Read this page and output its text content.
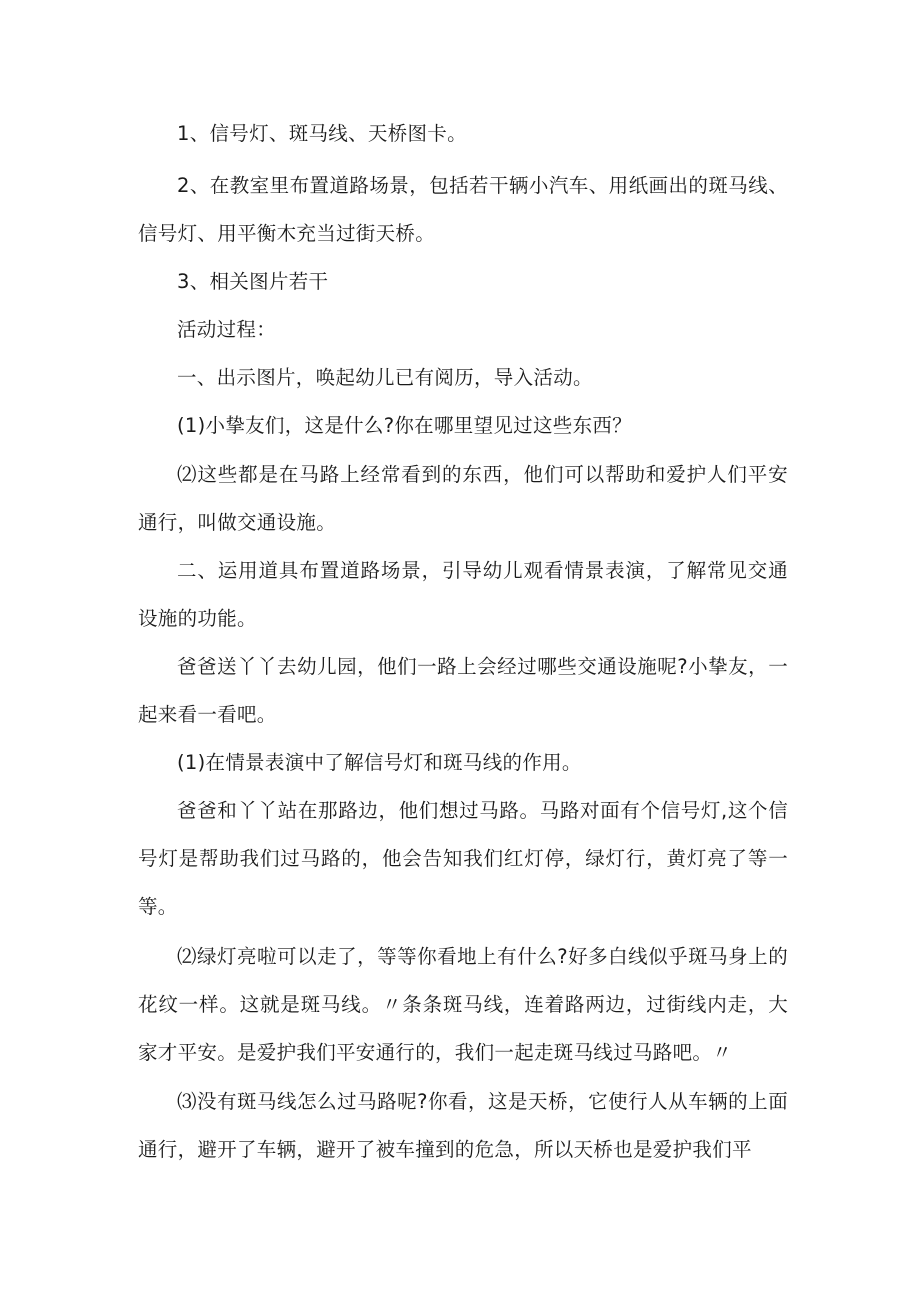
1、信号灯、斑马线、天桥图卡。

2、在教室里布置道路场景，包括若干辆小汽车、用纸画出的斑马线、信号灯、用平衡木充当过街天桥。

3、相关图片若干

活动过程：

一、出示图片，唤起幼儿已有阅历，导入活动。

(1)小挚友们，这是什么?你在哪里望见过这些东西？

⑵这些都是在马路上经常看到的东西，他们可以帮助和爱护人们平安通行，叫做交通设施。

二、运用道具布置道路场景，引导幼儿观看情景表演，了解常见交通设施的功能。

爸爸送丫丫去幼儿园，他们一路上会经过哪些交通设施呢?小挚友，一起来看一看吧。

(1)在情景表演中了解信号灯和斑马线的作用。

爸爸和丫丫站在那路边，他们想过马路。马路对面有个信号灯,这个信号灯是帮助我们过马路的，他会告知我们红灯停，绿灯行，黄灯亮了等一等。

⑵绿灯亮啦可以走了，等等你看地上有什么?好多白线似乎斑马身上的花纹一样。这就是斑马线。〃条条斑马线，连着路两边，过街线内走，大家才平安。是爱护我们平安通行的，我们一起走斑马线过马路吧。〃

⑶没有斑马线怎么过马路呢?你看，这是天桥，它使行人从车辆的上面通行，避开了车辆，避开了被车撞到的危急，所以天桥也是爱护我们平
